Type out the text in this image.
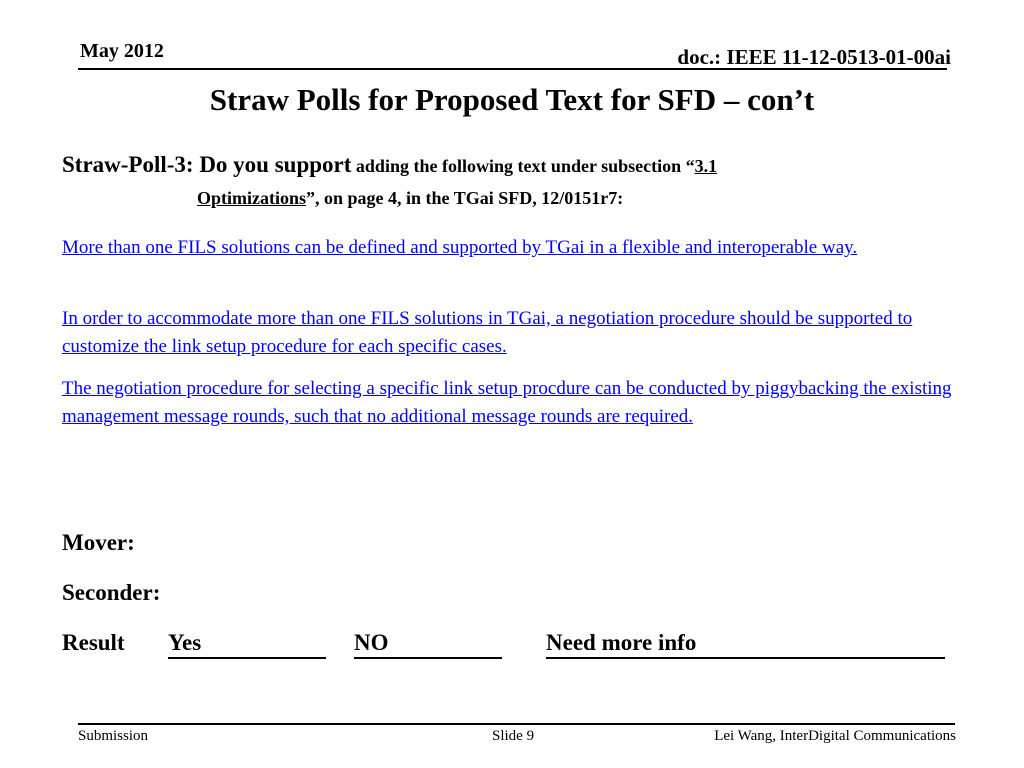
May 2012	doc.: IEEE 11-12-0513-01-00ai
Straw Polls for Proposed Text for SFD – con’t
Straw-Poll-3: Do you support adding the following text under subsection “3.1
Optimizations”, on page 4, in the TGai SFD, 12/0151r7:
More than one FILS solutions can be defined and supported by TGai in a flexible and interoperable way.
In order to accommodate more than one FILS solutions in TGai, a negotiation procedure should be supported to customize the link setup procedure for each specific cases.
The negotiation procedure for selecting a specific link setup procdure can be conducted by piggybacking the existing management message rounds, such that no additional message rounds are required.
Mover:
Seconder:
Result Yes	NO	Need more info
Submission	Slide 9	Lei Wang, InterDigital Communications
